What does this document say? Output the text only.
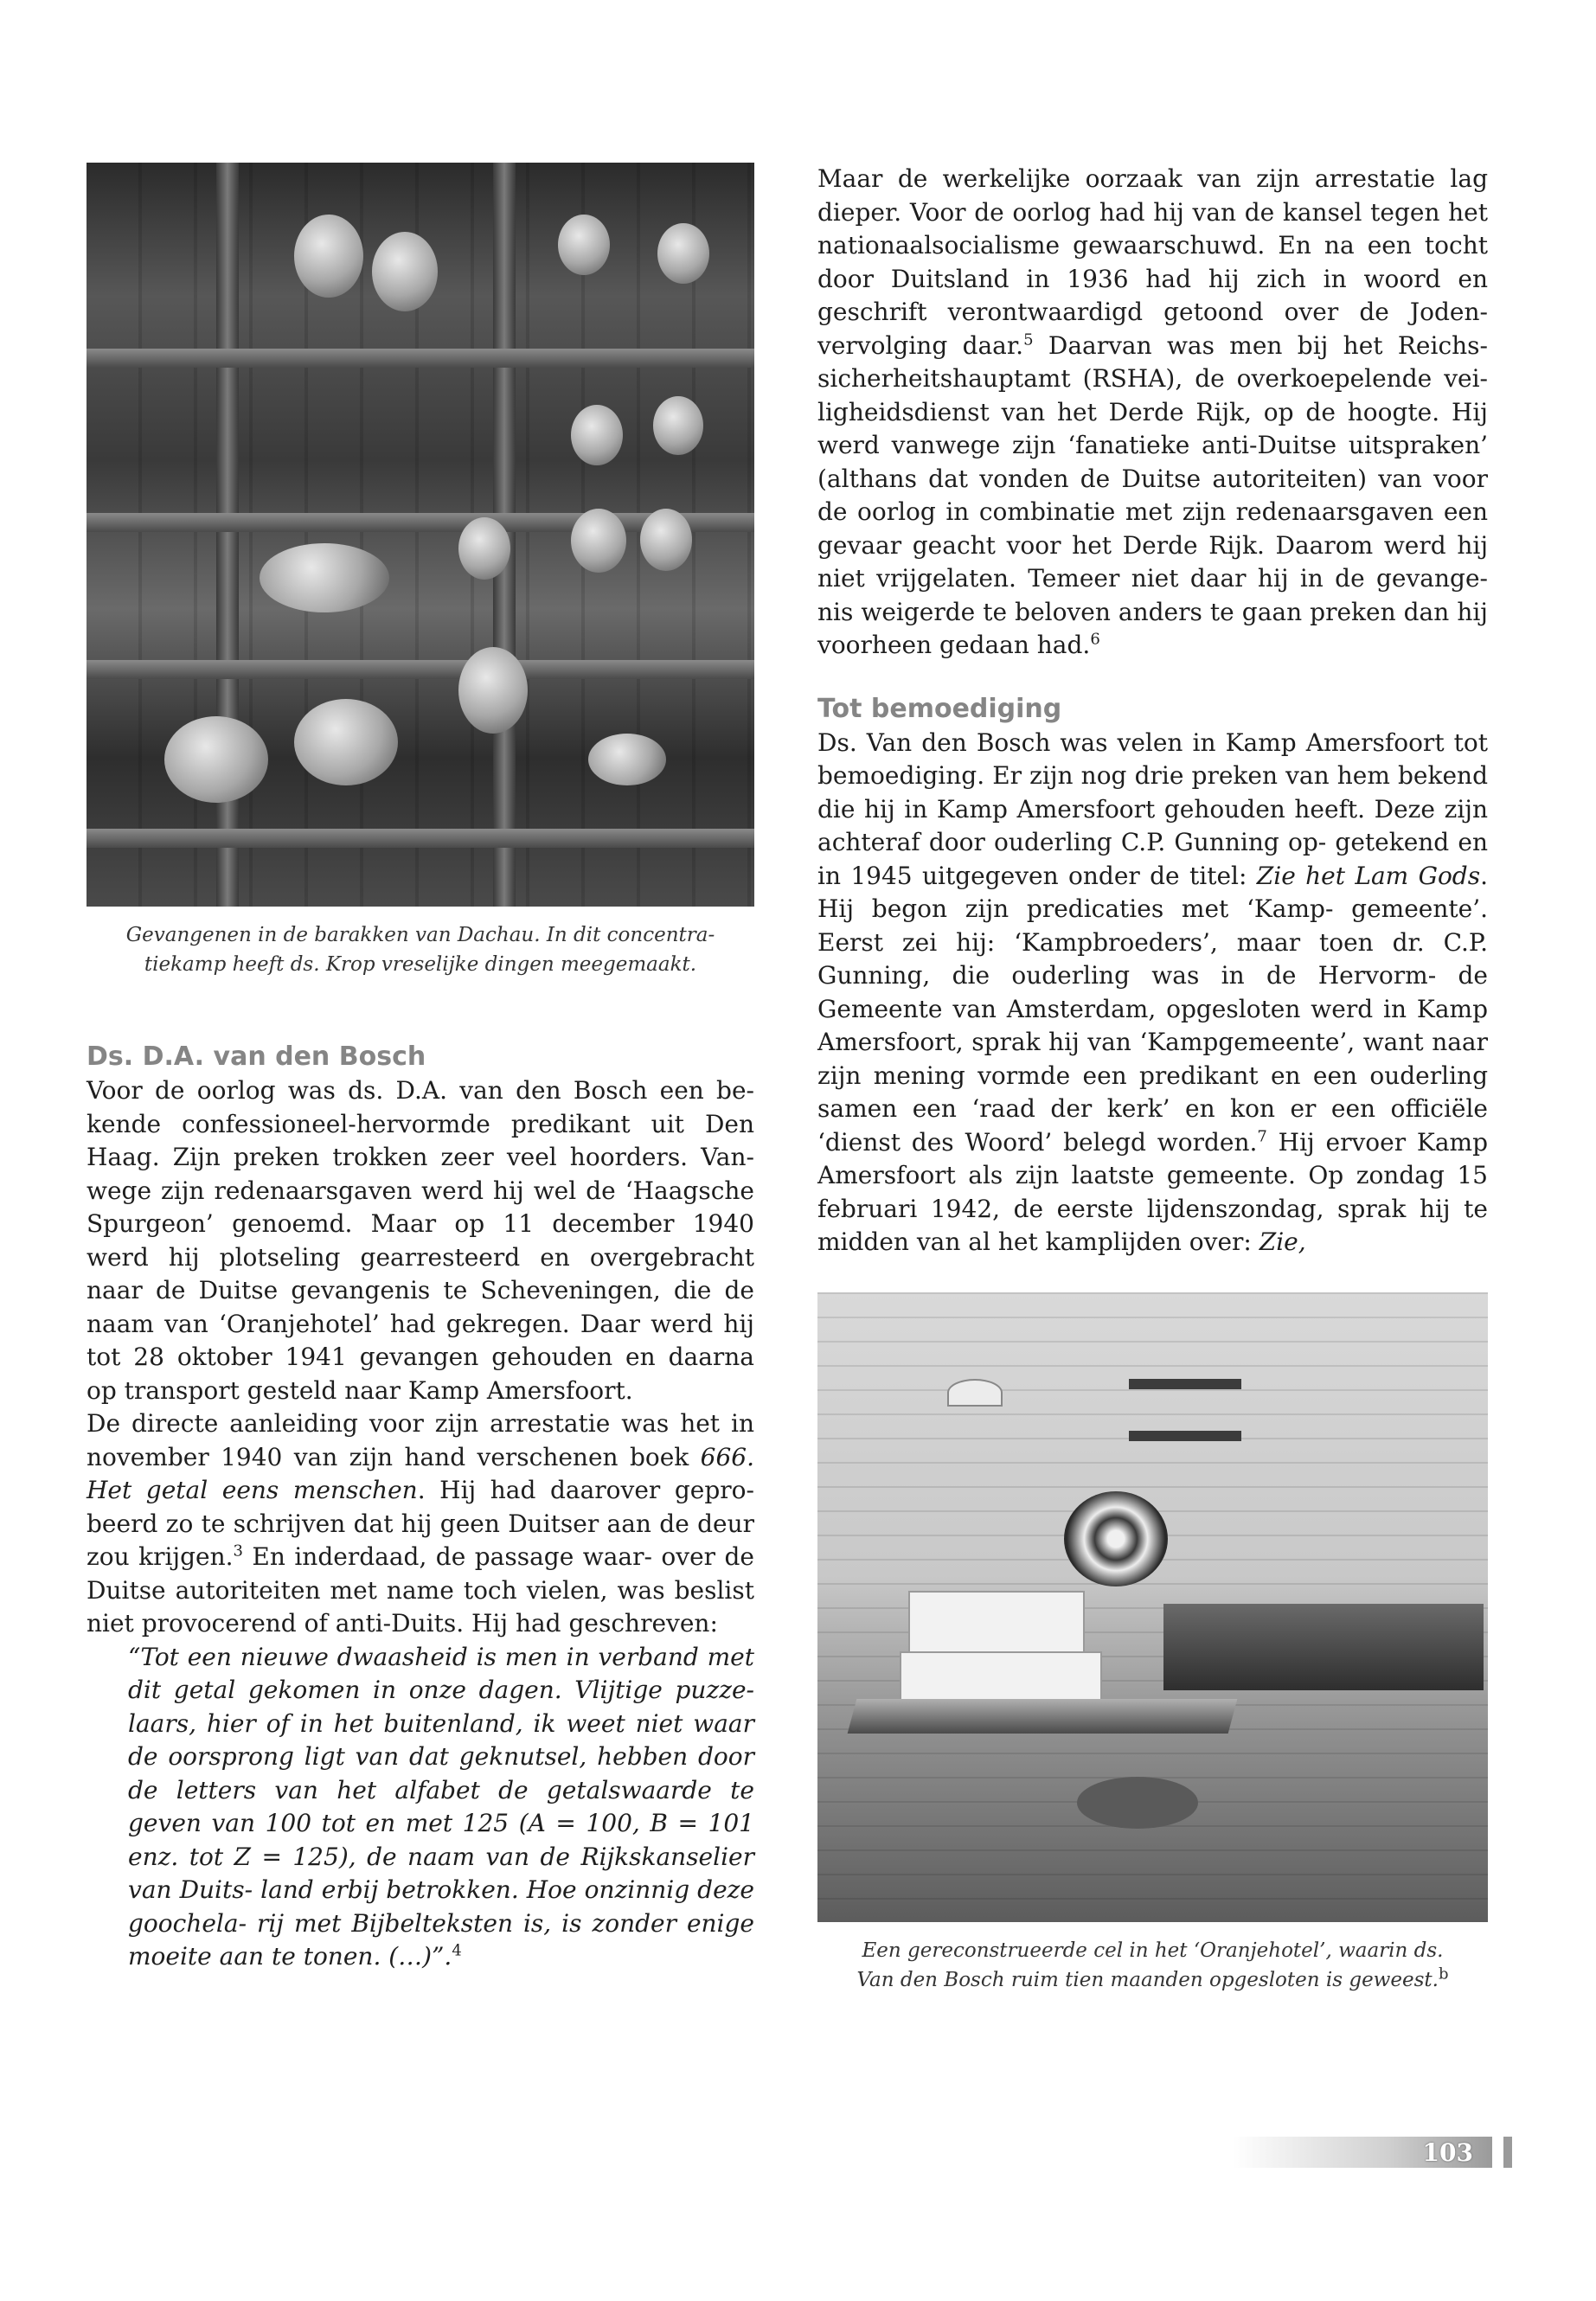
Gevangenen in de barakken van Dachau. In dit concentra-
tiekamp heeft ds. Krop vreselijke dingen meegemaakt.

Ds. D.A. van den Bosch

Voor de oorlog was ds. D.A. van den Bosch een be- kende confessioneel-hervormde predikant uit Den Haag. Zijn preken trokken zeer veel hoorders. Van- wege zijn redenaarsgaven werd hij wel de ‘Haagsche Spurgeon’ genoemd. Maar op 11 december 1940 werd hij plotseling gearresteerd en overgebracht naar de Duitse gevangenis te Scheveningen, die de naam van ‘Oranjehotel’ had gekregen. Daar werd hij tot 28 oktober 1941 gevangen gehouden en daarna op transport gesteld naar Kamp Amersfoort.

De directe aanleiding voor zijn arrestatie was het in november 1940 van zijn hand verschenen boek 666. Het getal eens menschen. Hij had daarover gepro- beerd zo te schrijven dat hij geen Duitser aan de deur zou krijgen.$^3$ En inderdaad, de passage waar- over de Duitse autoriteiten met name toch vielen, was beslist niet provocerend of anti-Duits. Hij had geschreven:

“Tot een nieuwe dwaasheid is men in verband met dit getal gekomen in onze dagen. Vlijtige puzze- laars, hier of in het buitenland, ik weet niet waar de oorsprong ligt van dat geknutsel, hebben door de letters van het alfabet de getalswaarde te geven van 100 tot en met 125 (A = 100, B = 101 enz. tot Z = 125), de naam van de Rijkskanselier van Duits- land erbij betrokken. Hoe onzinnig deze goochela- rij met Bijbelteksten is, is zonder enige moeite aan te tonen. (…)”.$^4$

Maar de werkelijke oorzaak van zijn arrestatie lag dieper. Voor de oorlog had hij van de kansel tegen het nationaalsocialisme gewaarschuwd. En na een tocht door Duitsland in 1936 had hij zich in woord en geschrift verontwaardigd getoond over de Joden- vervolging daar.$^5$ Daarvan was men bij het Reichs- sicherheitshauptamt (RSHA), de overkoepelende vei- ligheidsdienst van het Derde Rijk, op de hoogte. Hij werd vanwege zijn ‘fanatieke anti-Duitse uitspraken’ (althans dat vonden de Duitse autoriteiten) van voor de oorlog in combinatie met zijn redenaarsgaven een gevaar geacht voor het Derde Rijk. Daarom werd hij niet vrijgelaten. Temeer niet daar hij in de gevange- nis weigerde te beloven anders te gaan preken dan hij voorheen gedaan had.$^6$

Tot bemoediging

Ds. Van den Bosch was velen in Kamp Amersfoort tot bemoediging. Er zijn nog drie preken van hem bekend die hij in Kamp Amersfoort gehouden heeft. Deze zijn achteraf door ouderling C.P. Gunning op- getekend en in 1945 uitgegeven onder de titel: Zie het Lam Gods. Hij begon zijn predicaties met ‘Kamp- gemeente’. Eerst zei hij: ‘Kampbroeders’, maar toen dr. C.P. Gunning, die ouderling was in de Hervorm- de Gemeente van Amsterdam, opgesloten werd in Kamp Amersfoort, sprak hij van ‘Kampgemeente’, want naar zijn mening vormde een predikant en een ouderling samen een ‘raad der kerk’ en kon er een officiële ‘dienst des Woord’ belegd worden.$^7$ Hij ervoer Kamp Amersfoort als zijn laatste gemeente. Op zondag 15 februari 1942, de eerste lijdenszondag, sprak hij te midden van al het kamplijden over: Zie,

Een gereconstrueerde cel in het ‘Oranjehotel’, waarin ds.
Van den Bosch ruim tien maanden opgesloten is geweest.$^b$

103
